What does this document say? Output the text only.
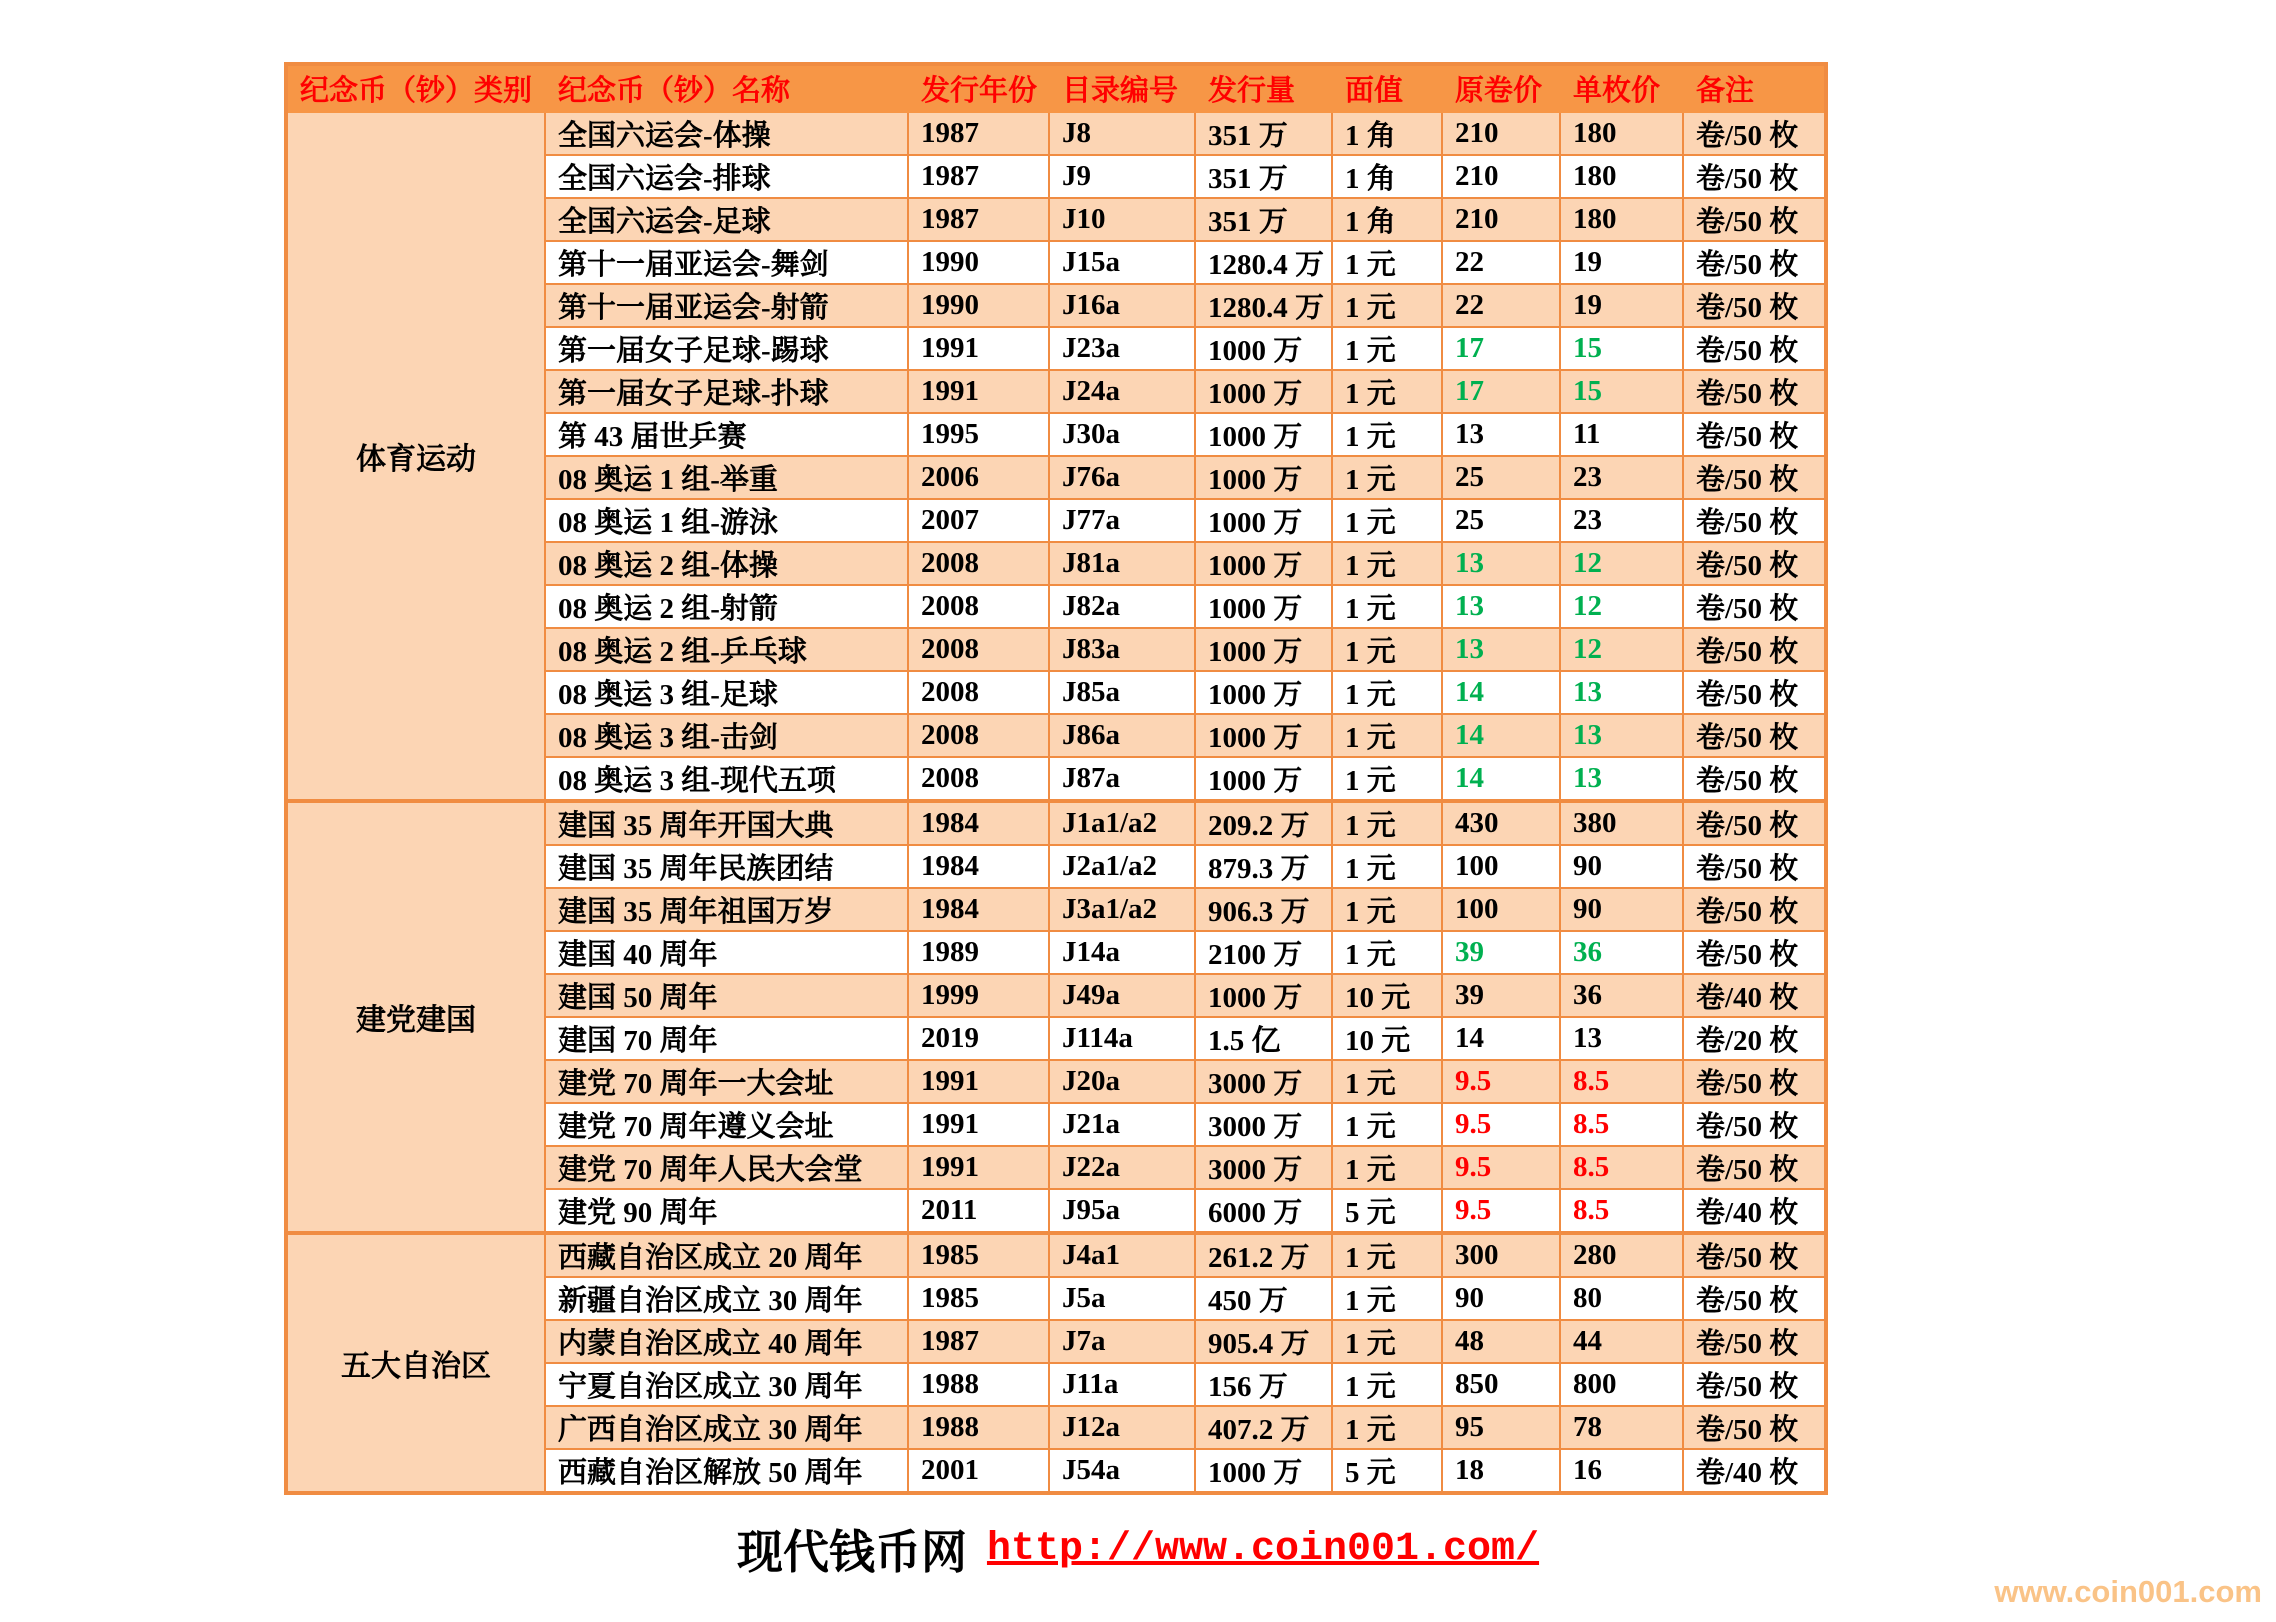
纪念币（钞）类别	纪念币（钞）名称	发行年份	目录编号	发行量	面值	原卷价	单枚价	备注
体育运动	全国六运会-体操	1987	J8	351 万	1 角	210	180	卷/50 枚
	全国六运会-排球	1987	J9	351 万	1 角	210	180	卷/50 枚
	全国六运会-足球	1987	J10	351 万	1 角	210	180	卷/50 枚
	第十一届亚运会-舞剑	1990	J15a	1280.4 万	1 元	22	19	卷/50 枚
	第十一届亚运会-射箭	1990	J16a	1280.4 万	1 元	22	19	卷/50 枚
	第一届女子足球-踢球	1991	J23a	1000 万	1 元	17	15	卷/50 枚
	第一届女子足球-扑球	1991	J24a	1000 万	1 元	17	15	卷/50 枚
	第 43 届世乒赛	1995	J30a	1000 万	1 元	13	11	卷/50 枚
	08 奥运 1 组-举重	2006	J76a	1000 万	1 元	25	23	卷/50 枚
	08 奥运 1 组-游泳	2007	J77a	1000 万	1 元	25	23	卷/50 枚
	08 奥运 2 组-体操	2008	J81a	1000 万	1 元	13	12	卷/50 枚
	08 奥运 2 组-射箭	2008	J82a	1000 万	1 元	13	12	卷/50 枚
	08 奥运 2 组-乒乓球	2008	J83a	1000 万	1 元	13	12	卷/50 枚
	08 奥运 3 组-足球	2008	J85a	1000 万	1 元	14	13	卷/50 枚
	08 奥运 3 组-击剑	2008	J86a	1000 万	1 元	14	13	卷/50 枚
	08 奥运 3 组-现代五项	2008	J87a	1000 万	1 元	14	13	卷/50 枚
建党建国	建国 35 周年开国大典	1984	J1a1/a2	209.2 万	1 元	430	380	卷/50 枚
	建国 35 周年民族团结	1984	J2a1/a2	879.3 万	1 元	100	90	卷/50 枚
	建国 35 周年祖国万岁	1984	J3a1/a2	906.3 万	1 元	100	90	卷/50 枚
	建国 40 周年	1989	J14a	2100 万	1 元	39	36	卷/50 枚
	建国 50 周年	1999	J49a	1000 万	10 元	39	36	卷/40 枚
	建国 70 周年	2019	J114a	1.5 亿	10 元	14	13	卷/20 枚
	建党 70 周年一大会址	1991	J20a	3000 万	1 元	9.5	8.5	卷/50 枚
	建党 70 周年遵义会址	1991	J21a	3000 万	1 元	9.5	8.5	卷/50 枚
	建党 70 周年人民大会堂	1991	J22a	3000 万	1 元	9.5	8.5	卷/50 枚
	建党 90 周年	2011	J95a	6000 万	5 元	9.5	8.5	卷/40 枚
五大自治区	西藏自治区成立 20 周年	1985	J4a1	261.2 万	1 元	300	280	卷/50 枚
	新疆自治区成立 30 周年	1985	J5a	450 万	1 元	90	80	卷/50 枚
	内蒙自治区成立 40 周年	1987	J7a	905.4 万	1 元	48	44	卷/50 枚
	宁夏自治区成立 30 周年	1988	J11a	156 万	1 元	850	800	卷/50 枚
	广西自治区成立 30 周年	1988	J12a	407.2 万	1 元	95	78	卷/50 枚
	西藏自治区解放 50 周年	2001	J54a	1000 万	5 元	18	16	卷/40 枚
现代钱币网 http://www.coin001.com/
www.coin001.com
